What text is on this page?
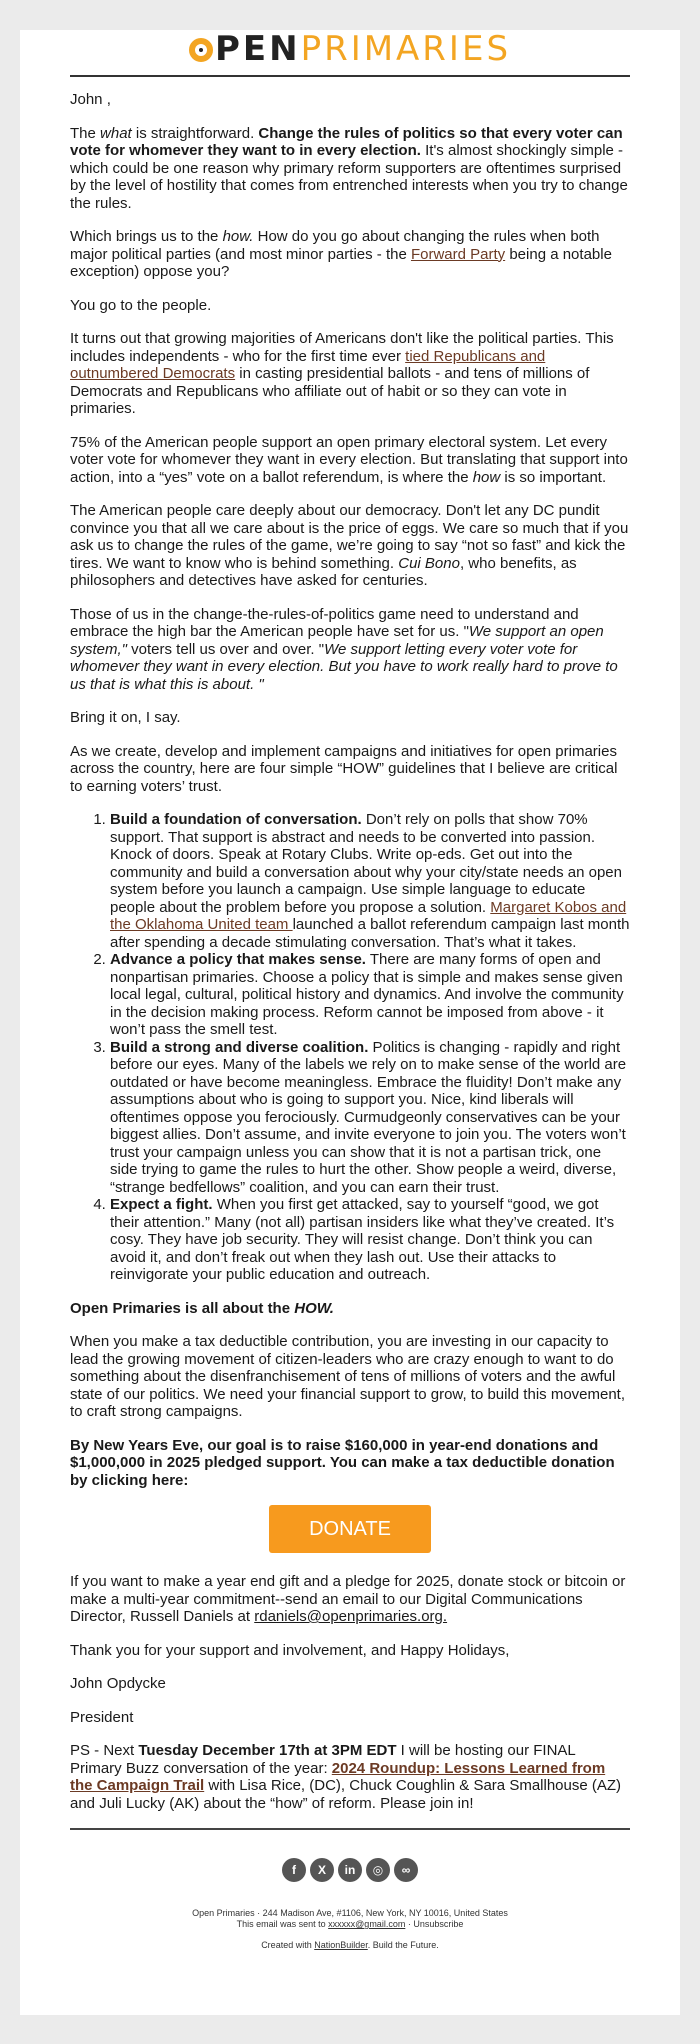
PEN PRIMARIES

John ,

The what is straightforward. Change the rules of politics so that every voter can vote for whomever they want to in every election. It's almost shockingly simple - which could be one reason why primary reform supporters are oftentimes surprised by the level of hostility that comes from entrenched interests when you try to change the rules.

Which brings us to the how. How do you go about changing the rules when both major political parties (and most minor parties - the Forward Party being a notable exception) oppose you?

You go to the people.

It turns out that growing majorities of Americans don't like the political parties. This includes independents - who for the first time ever tied Republicans and outnumbered Democrats in casting presidential ballots - and tens of millions of Democrats and Republicans who affiliate out of habit or so they can vote in primaries.

75% of the American people support an open primary electoral system. Let every voter vote for whomever they want in every election. But translating that support into action, into a “yes” vote on a ballot referendum, is where the how is so important.

The American people care deeply about our democracy. Don't let any DC pundit convince you that all we care about is the price of eggs. We care so much that if you ask us to change the rules of the game, we’re going to say “not so fast” and kick the tires. We want to know who is behind something. Cui Bono, who benefits, as philosophers and detectives have asked for centuries.

Those of us in the change-the-rules-of-politics game need to understand and embrace the high bar the American people have set for us. "We support an open system," voters tell us over and over. "We support letting every voter vote for whomever they want in every election. But you have to work really hard to prove to us that is what this is about. "

Bring it on, I say.

As we create, develop and implement campaigns and initiatives for open primaries across the country, here are four simple “HOW” guidelines that I believe are critical to earning voters’ trust.

1. Build a foundation of conversation. Don’t rely on polls that show 70% support. That support is abstract and needs to be converted into passion. Knock of doors. Speak at Rotary Clubs. Write op-eds. Get out into the community and build a conversation about why your city/state needs an open system before you launch a campaign. Use simple language to educate people about the problem before you propose a solution. Margaret Kobos and the Oklahoma United team launched a ballot referendum campaign last month after spending a decade stimulating conversation. That’s what it takes.
2. Advance a policy that makes sense. There are many forms of open and nonpartisan primaries. Choose a policy that is simple and makes sense given local legal, cultural, political history and dynamics. And involve the community in the decision making process. Reform cannot be imposed from above - it won’t pass the smell test.
3. Build a strong and diverse coalition. Politics is changing - rapidly and right before our eyes. Many of the labels we rely on to make sense of the world are outdated or have become meaningless. Embrace the fluidity! Don’t make any assumptions about who is going to support you. Nice, kind liberals will oftentimes oppose you ferociously. Curmudgeonly conservatives can be your biggest allies. Don’t assume, and invite everyone to join you. The voters won’t trust your campaign unless you can show that it is not a partisan trick, one side trying to game the rules to hurt the other. Show people a weird, diverse, “strange bedfellows” coalition, and you can earn their trust.
4. Expect a fight. When you first get attacked, say to yourself “good, we got their attention.” Many (not all) partisan insiders like what they’ve created. It’s cosy. They have job security. They will resist change. Don’t think you can avoid it, and don’t freak out when they lash out. Use their attacks to reinvigorate your public education and outreach.

Open Primaries is all about the HOW.

When you make a tax deductible contribution, you are investing in our capacity to lead the growing movement of citizen-leaders who are crazy enough to want to do something about the disenfranchisement of tens of millions of voters and the awful state of our politics. We need your financial support to grow, to build this movement, to craft strong campaigns.

By New Years Eve, our goal is to raise $160,000 in year-end donations and $1,000,000 in 2025 pledged support. You can make a tax deductible donation by clicking here:

DONATE

If you want to make a year end gift and a pledge for 2025, donate stock or bitcoin or make a multi-year commitment--send an email to our Digital Communications Director, Russell Daniels at rdaniels@openprimaries.org.

Thank you for your support and involvement, and Happy Holidays,

John Opdycke

President

PS - Next Tuesday December 17th at 3PM EDT I will be hosting our FINAL Primary Buzz conversation of the year: 2024 Roundup: Lessons Learned from the Campaign Trail with Lisa Rice, (DC), Chuck Coughlin & Sara Smallhouse (AZ) and Juli Lucky (AK) about the “how” of reform. Please join in!

f	X	in	◎	∞

Open Primaries · 244 Madison Ave, #1106, New York, NY 10016, United States

This email was sent to xxxxxx@gmail.com · Unsubscribe

Created with NationBuilder. Build the Future.
